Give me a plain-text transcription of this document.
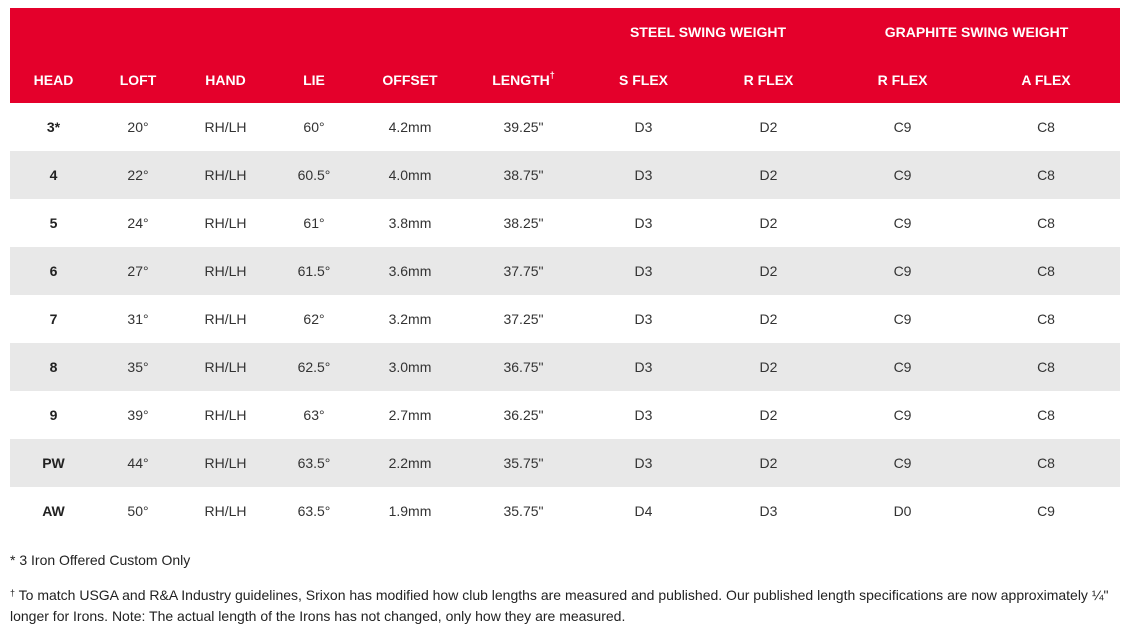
						STEEL SWING WEIGHT		GRAPHITE SWING WEIGHT	
HEAD	LOFT	HAND	LIE	OFFSET	LENGTH†	S FLEX	R FLEX	R FLEX	A FLEX
3*	20°	RH/LH	60°	4.2mm	39.25"	D3	D2	C9	C8
4	22°	RH/LH	60.5°	4.0mm	38.75"	D3	D2	C9	C8
5	24°	RH/LH	61°	3.8mm	38.25"	D3	D2	C9	C8
6	27°	RH/LH	61.5°	3.6mm	37.75"	D3	D2	C9	C8
7	31°	RH/LH	62°	3.2mm	37.25"	D3	D2	C9	C8
8	35°	RH/LH	62.5°	3.0mm	36.75"	D3	D2	C9	C8
9	39°	RH/LH	63°	2.7mm	36.25"	D3	D2	C9	C8
PW	44°	RH/LH	63.5°	2.2mm	35.75"	D3	D2	C9	C8
AW	50°	RH/LH	63.5°	1.9mm	35.75"	D4	D3	D0	C9

* 3 Iron Offered Custom Only

† To match USGA and R&A Industry guidelines, Srixon has modified how club lengths are measured and published. Our published length specifications are now approximately ¼" longer for Irons. Note: The actual length of the Irons has not changed, only how they are measured.
